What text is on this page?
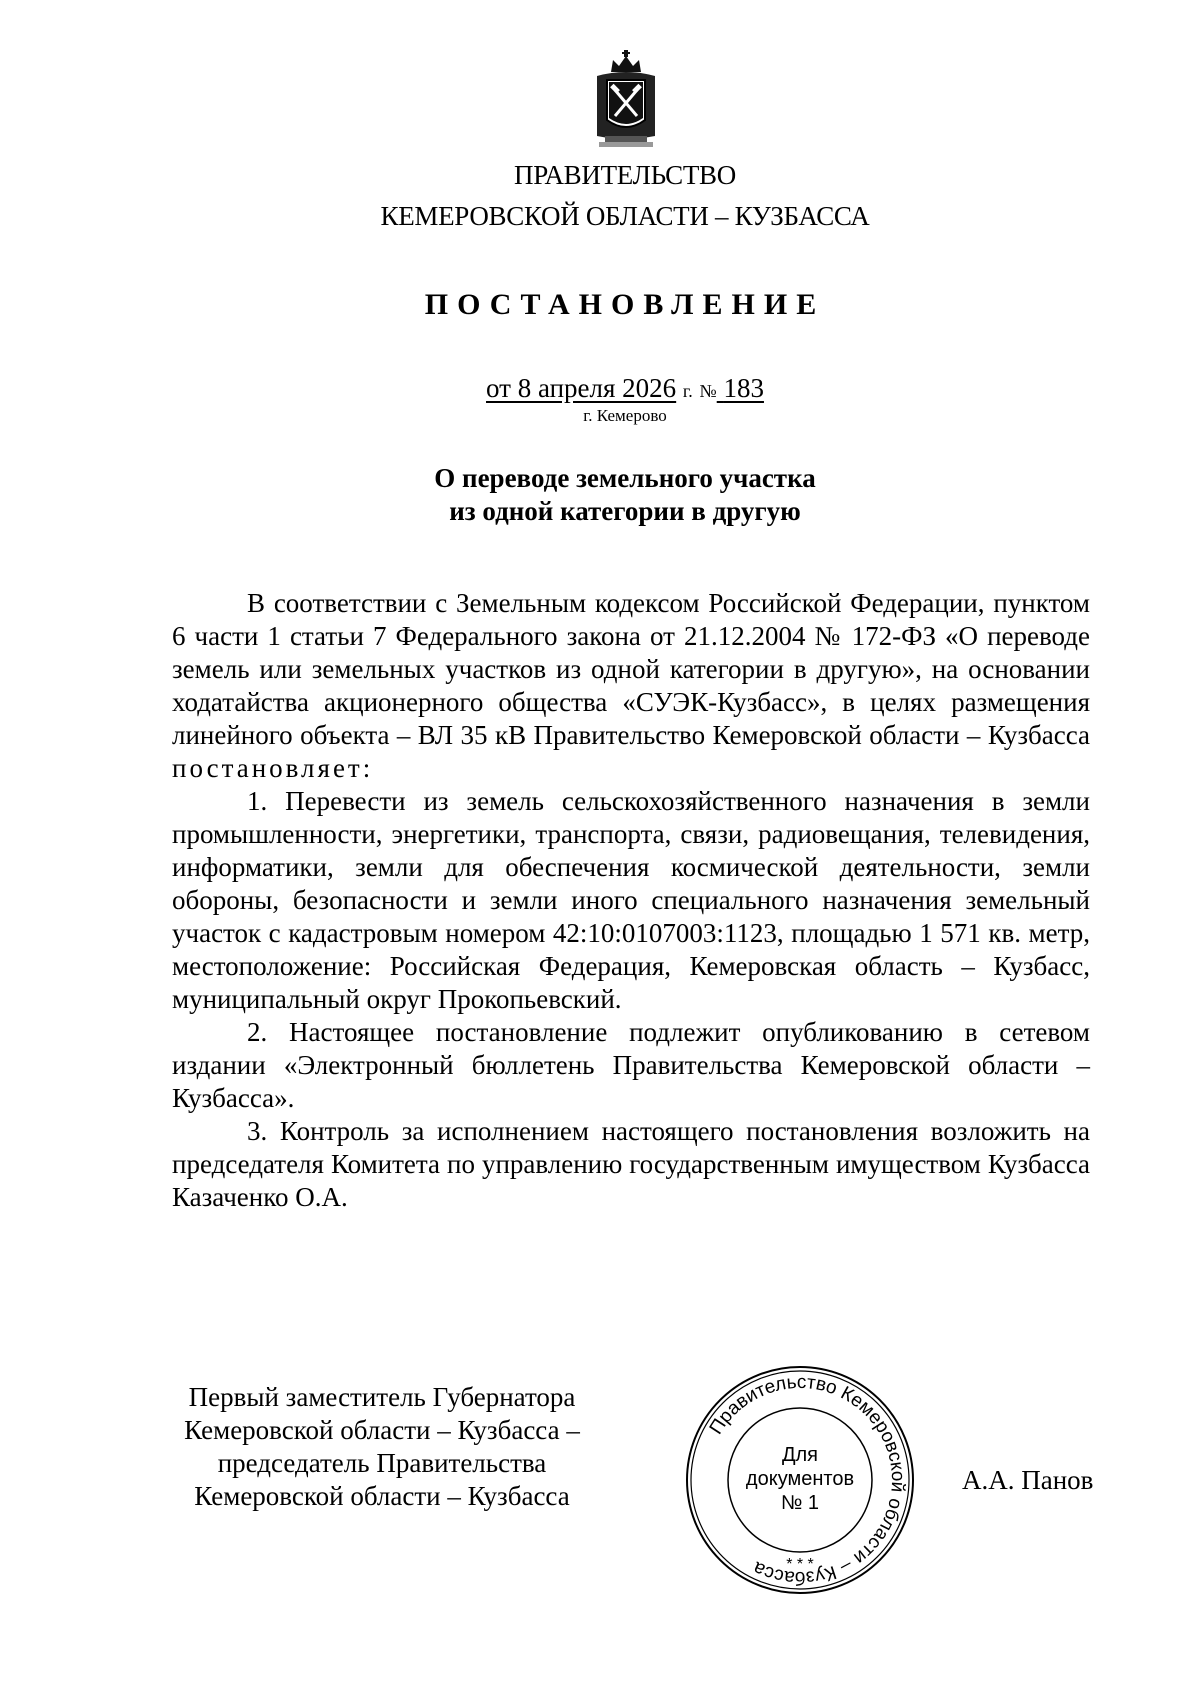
ПРАВИТЕЛЬСТВО
КЕМЕРОВСКОЙ ОБЛАСТИ – КУЗБАССА
ПОСТАНОВЛЕНИЕ
от 8 апреля 2026 г. № 183
г. Кемерово
О переводе земельного участка
из одной категории в другую

В соответствии с Земельным кодексом Российской Федерации, пунктом 6 части 1 статьи 7 Федерального закона от 21.12.2004 № 172-ФЗ «О переводе земель или земельных участков из одной категории в другую», на основании ходатайства акционерного общества «СУЭК-Кузбасс», в целях размещения линейного объекта – ВЛ 35 кВ Правительство Кемеровской области – Кузбасса постановляет:

1. Перевести из земель сельскохозяйственного назначения в земли промышленности, энергетики, транспорта, связи, радиовещания, телевидения, информатики, земли для обеспечения космической деятельности, земли обороны, безопасности и земли иного специального назначения земельный участок с кадастровым номером 42:10:0107003:1123, площадью 1 571 кв. метр, местоположение: Российская Федерация, Кемеровская область – Кузбасс, муниципальный округ Прокопьевский.

2. Настоящее постановление подлежит опубликованию в сетевом издании «Электронный бюллетень Правительства Кемеровской области – Кузбасса».

3. Контроль за исполнением настоящего постановления возложить на председателя Комитета по управлению государственным имуществом Кузбасса Казаченко О.А.

Первый заместитель Губернатора
Кемеровской области – Кузбасса –
председатель Правительства
Кемеровской области – Кузбасса
Правительство Кемеровской области – Кузбасса	* * *
Для
документов
№ 1
А.А. Панов
